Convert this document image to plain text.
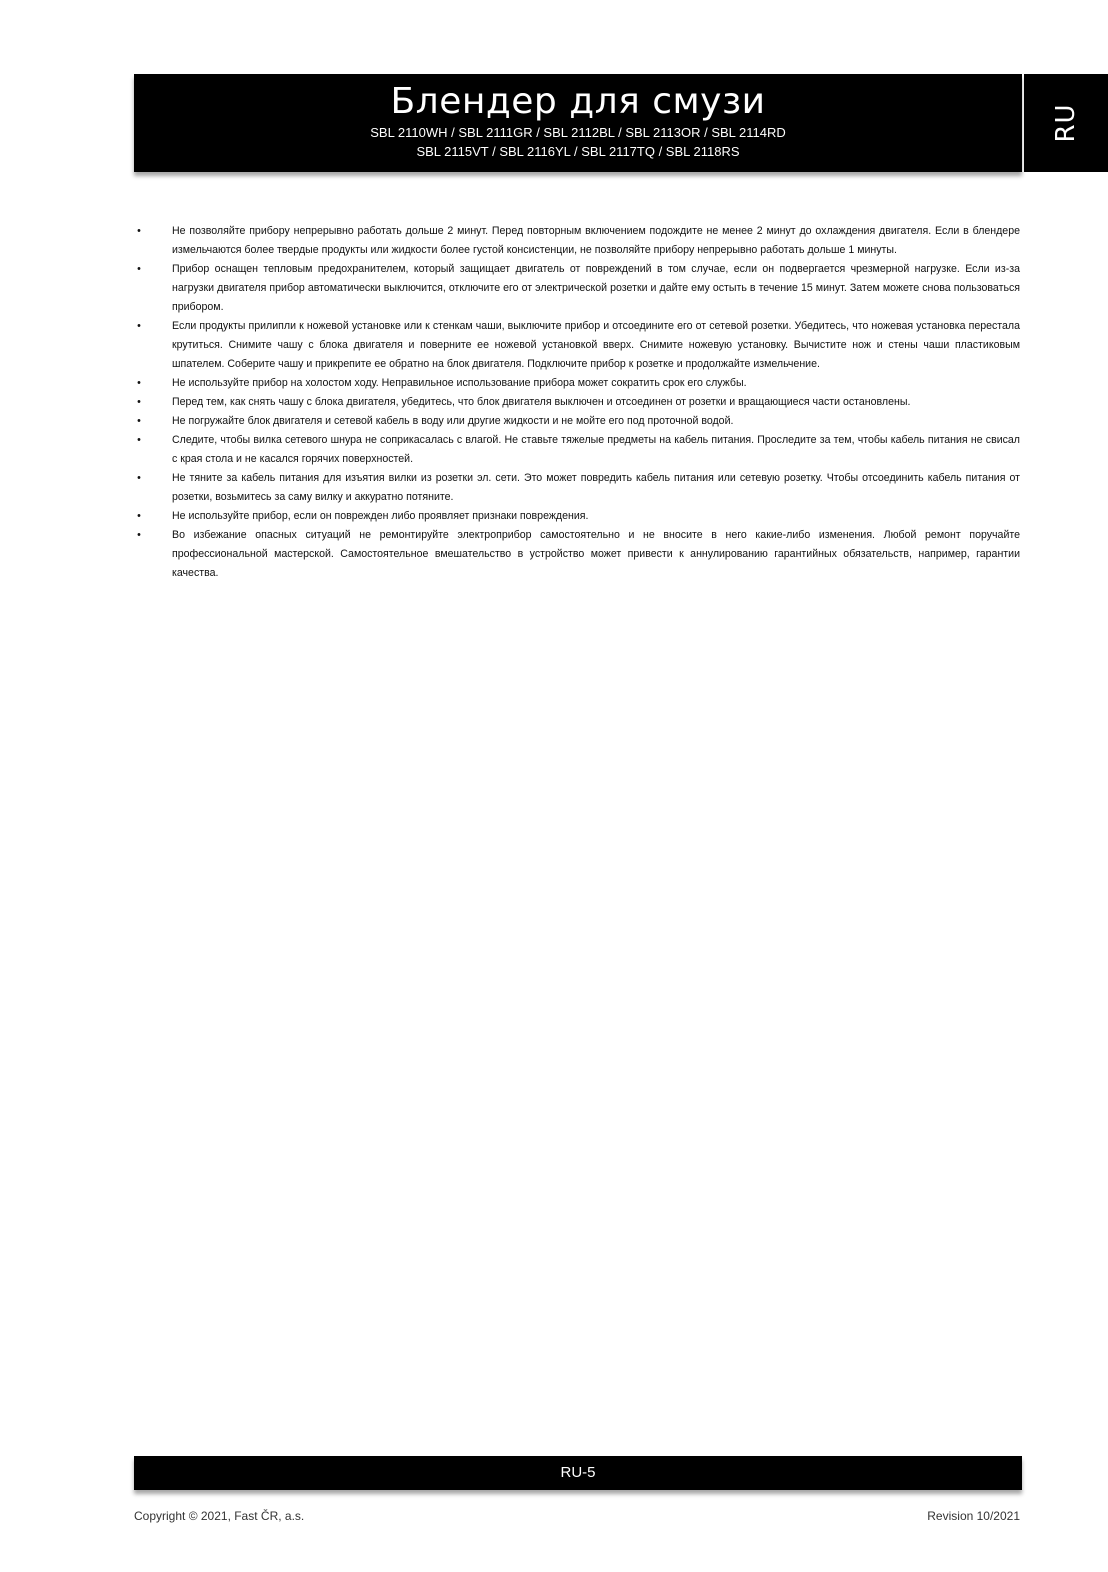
Блендер для смузи
SBL 2110WH / SBL 2111GR / SBL 2112BL / SBL 2113OR / SBL 2114RD
SBL 2115VT / SBL 2116YL / SBL 2117TQ / SBL 2118RS
RU
•	Не позволяйте прибору непрерывно работать дольше 2 минут. Перед повторным включением подождите не менее 2 минут до охлаждения двигателя. Если в блендере измельчаются более твердые продукты или жидкости более густой консистенции, не позволяйте прибору непрерывно работать дольше 1 минуты.
•	Прибор оснащен тепловым предохранителем, который защищает двигатель от повреждений в том случае, если он подвергается чрезмерной нагрузке. Если из-за нагрузки двигателя прибор автоматически выключится, отключите его от электрической розетки и дайте ему остыть в течение 15 минут. Затем можете снова пользоваться прибором.
•	Если продукты прилипли к ножевой установке или к стенкам чаши, выключите прибор и отсоедините его от сетевой розетки. Убедитесь, что ножевая установка перестала крутиться. Снимите чашу с блока двигателя и поверните ее ножевой установкой вверх. Снимите ножевую установку. Вычистите нож и стены чаши пластиковым шпателем. Соберите чашу и прикрепите ее обратно на блок двигателя. Подключите прибор к розетке и продолжайте измельчение.
•	Не используйте прибор на холостом ходу. Неправильное использование прибора может сократить срок его службы.
•	Перед тем, как снять чашу с блока двигателя, убедитесь, что блок двигателя выключен и отсоединен от розетки и вращающиеся части остановлены.
•	Не погружайте блок двигателя и сетевой кабель в воду или другие жидкости и не мойте его под проточной водой.
•	Следите, чтобы вилка сетевого шнура не соприкасалась с влагой. Не ставьте тяжелые предметы на кабель питания. Проследите за тем, чтобы кабель питания не свисал с края стола и не касался горячих поверхностей.
•	Не тяните за кабель питания для изъятия вилки из розетки эл. сети. Это может повредить кабель питания или сетевую розетку. Чтобы отсоединить кабель питания от розетки, возьмитесь за саму вилку и аккуратно потяните.
•	Не используйте прибор, если он поврежден либо проявляет признаки повреждения.
•	Во избежание опасных ситуаций не ремонтируйте электроприбор самостоятельно и не вносите в него какие-либо изменения. Любой ремонт поручайте профессиональной мастерской. Самостоятельное вмешательство в устройство может привести к аннулированию гарантийных обязательств, например, гарантии качества.
RU-5
Copyright © 2021, Fast ČR, a.s.	Revision 10/2021
